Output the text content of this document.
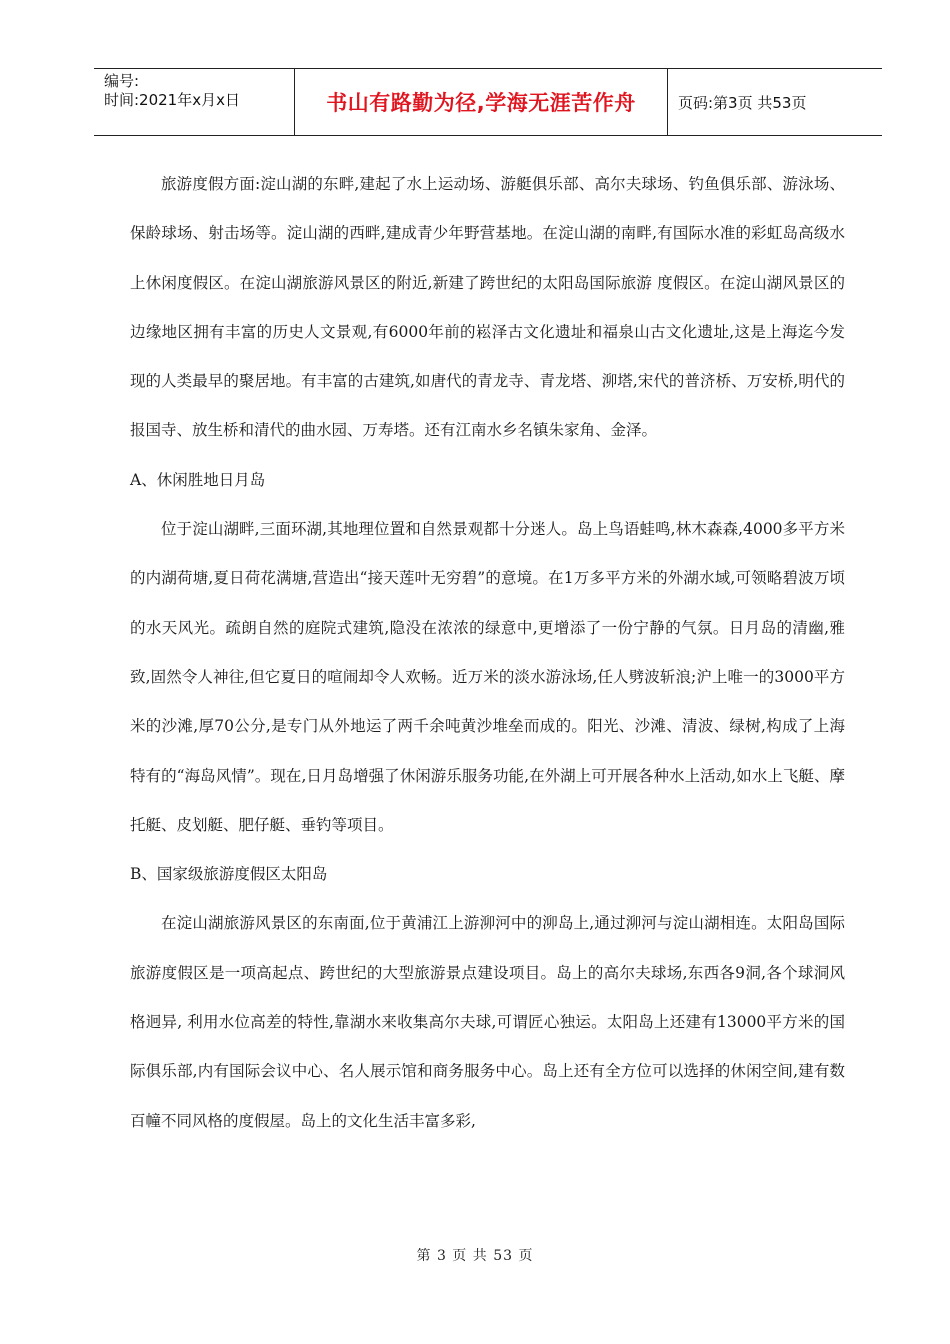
编号:
时间:2021年x月x日	书山有路勤为径,学海无涯苦作舟	页码:第3页 共53页

旅游度假方面:淀山湖的东畔,建起了水上运动场、游艇俱乐部、高尔夫球场、钓鱼俱乐部、游泳场、保龄球场、射击场等。淀山湖的西畔,建成青少年野营基地。在淀山湖的南畔,有国际水准的彩虹岛高级水上休闲度假区。在淀山湖旅游风景区的附近,新建了跨世纪的太阳岛国际旅游 度假区。在淀山湖风景区的边缘地区拥有丰富的历史人文景观,有6000年前的崧泽古文化遗址和福泉山古文化遗址,这是上海迄今发现的人类最早的聚居地。有丰富的古建筑,如唐代的青龙寺、青龙塔、泖塔,宋代的普济桥、万安桥,明代的报国寺、放生桥和清代的曲水园、万寿塔。还有江南水乡名镇朱家角、金泽。

A、休闲胜地日月岛

位于淀山湖畔,三面环湖,其地理位置和自然景观都十分迷人。岛上鸟语蛙鸣,林木森森,4000多平方米的内湖荷塘,夏日荷花满塘,营造出“接天莲叶无穷碧”的意境。在1万多平方米的外湖水域,可领略碧波万顷的水天风光。疏朗自然的庭院式建筑,隐没在浓浓的绿意中,更增添了一份宁静的气氛。日月岛的清幽,雅致,固然令人神往,但它夏日的喧闹却令人欢畅。近万米的淡水游泳场,任人劈波斩浪;沪上唯一的3000平方米的沙滩,厚70公分,是专门从外地运了两千余吨黄沙堆垒而成的。阳光、沙滩、清波、绿树,构成了上海特有的“海岛风情”。现在,日月岛增强了休闲游乐服务功能,在外湖上可开展各种水上活动,如水上飞艇、摩托艇、皮划艇、肥仔艇、垂钓等项目。

B、国家级旅游度假区太阳岛

在淀山湖旅游风景区的东南面,位于黄浦江上游泖河中的泖岛上,通过泖河与淀山湖相连。太阳岛国际旅游度假区是一项高起点、跨世纪的大型旅游景点建设项目。岛上的高尔夫球场,东西各9洞,各个球洞风格迥异, 利用水位高差的特性,靠湖水来收集高尔夫球,可谓匠心独运。太阳岛上还建有13000平方米的国际俱乐部,内有国际会议中心、名人展示馆和商务服务中心。岛上还有全方位可以选择的休闲空间,建有数百幢不同风格的度假屋。岛上的文化生活丰富多彩,

第 3 页 共 53 页
